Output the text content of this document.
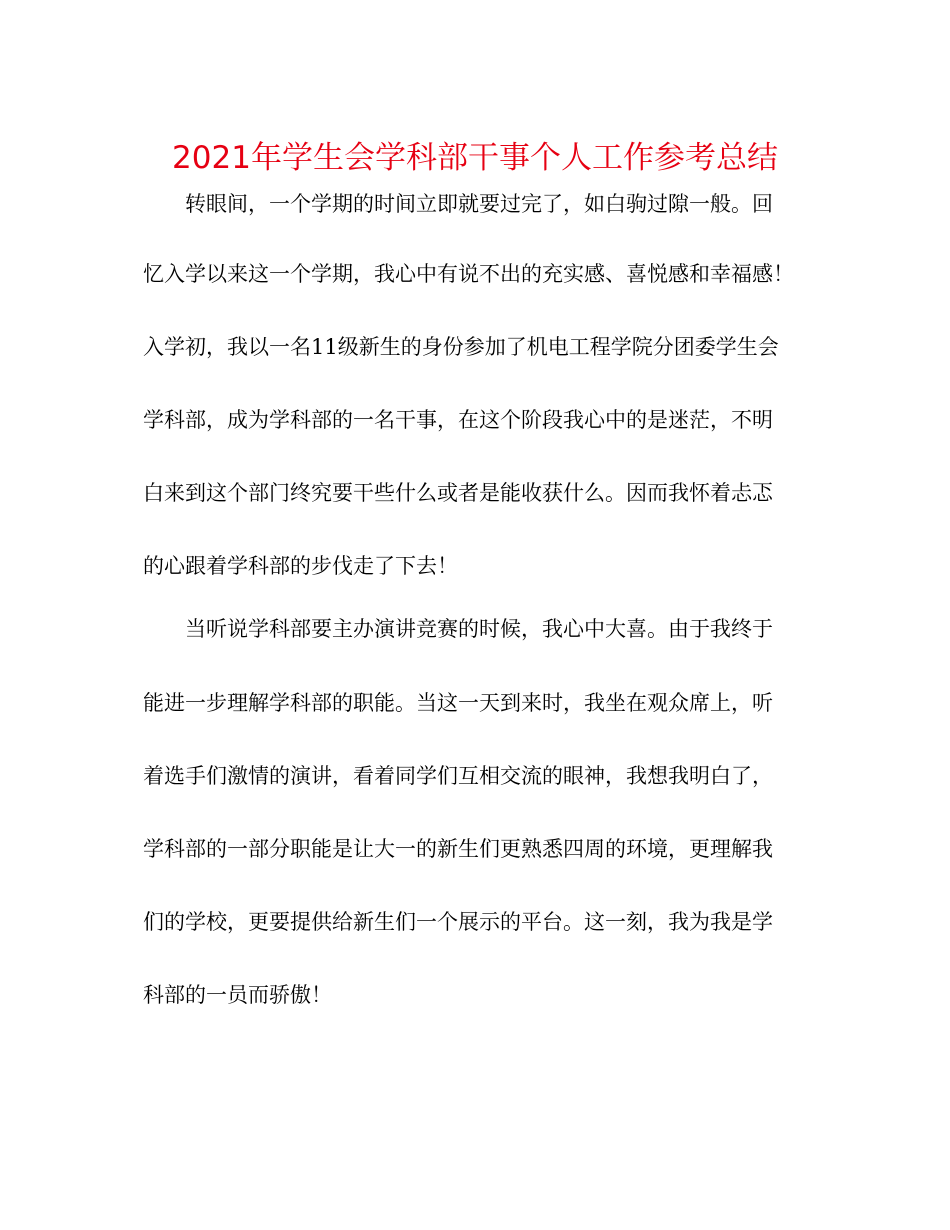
2021年学生会学科部干事个人工作参考总结
转眼间，一个学期的时间立即就要过完了，如白驹过隙一般。回
忆入学以来这一个学期，我心中有说不出的充实感、喜悦感和幸福感！
入学初，我以一名11级新生的身份参加了机电工程学院分团委学生会
学科部，成为学科部的一名干事，在这个阶段我心中的是迷茫，不明
白来到这个部门终究要干些什么或者是能收获什么。因而我怀着忐忑
的心跟着学科部的步伐走了下去！
当听说学科部要主办演讲竞赛的时候，我心中大喜。由于我终于
能进一步理解学科部的职能。当这一天到来时，我坐在观众席上，听
着选手们激情的演讲，看着同学们互相交流的眼神，我想我明白了，
学科部的一部分职能是让大一的新生们更熟悉四周的环境，更理解我
们的学校，更要提供给新生们一个展示的平台。这一刻，我为我是学
科部的一员而骄傲！
